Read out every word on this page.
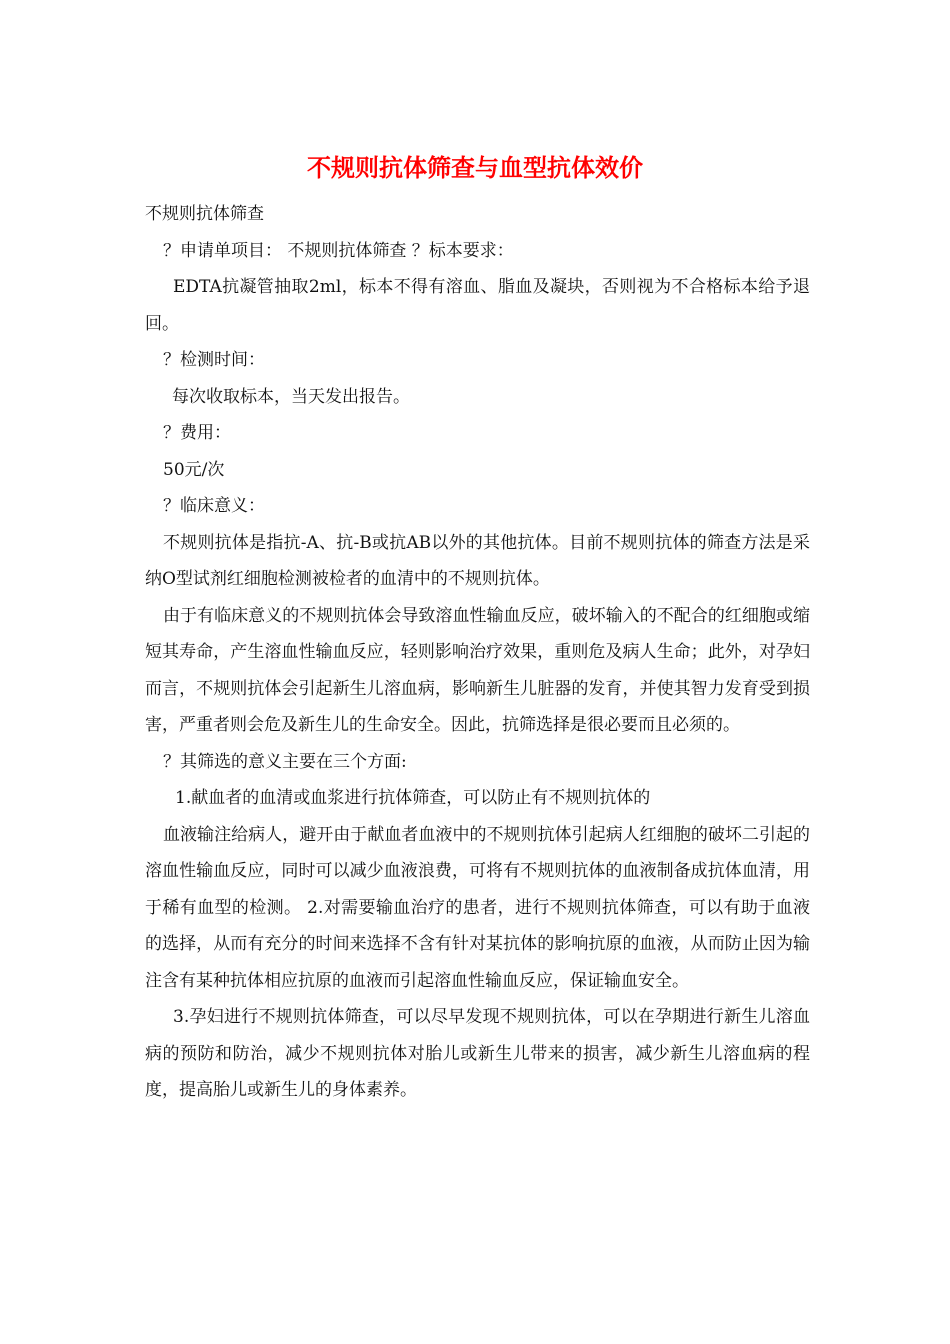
不规则抗体筛查与血型抗体效价
不规则抗体筛查
？申请单项目： 不规则抗体筛查 ？标本要求：
EDTA抗凝管抽取2ml，标本不得有溶血、脂血及凝块，否则视为不合格标本给予退回。
？检测时间：
每次收取标本，当天发出报告。
？费用：
50元/次
？临床意义：
不规则抗体是指抗-A、抗-B或抗AB以外的其他抗体。目前不规则抗体的筛查方法是采纳O型试剂红细胞检测被检者的血清中的不规则抗体。
由于有临床意义的不规则抗体会导致溶血性输血反应，破坏输入的不配合的红细胞或缩短其寿命，产生溶血性输血反应，轻则影响治疗效果，重则危及病人生命；此外，对孕妇而言，不规则抗体会引起新生儿溶血病，影响新生儿脏器的发育，并使其智力发育受到损害，严重者则会危及新生儿的生命安全。因此，抗筛选择是很必要而且必须的。
？其筛选的意义主要在三个方面:
1.献血者的血清或血浆进行抗体筛查，可以防止有不规则抗体的
血液输注给病人，避开由于献血者血液中的不规则抗体引起病人红细胞的破坏二引起的溶血性输血反应，同时可以减少血液浪费，可将有不规则抗体的血液制备成抗体血清，用于稀有血型的检测。 2.对需要输血治疗的患者，进行不规则抗体筛查，可以有助于血液的选择，从而有充分的时间来选择不含有针对某抗体的影响抗原的血液，从而防止因为输注含有某种抗体相应抗原的血液而引起溶血性输血反应，保证输血安全。
3.孕妇进行不规则抗体筛查，可以尽早发现不规则抗体，可以在孕期进行新生儿溶血病的预防和防治，减少不规则抗体对胎儿或新生儿带来的损害，减少新生儿溶血病的程度，提高胎儿或新生儿的身体素养。
